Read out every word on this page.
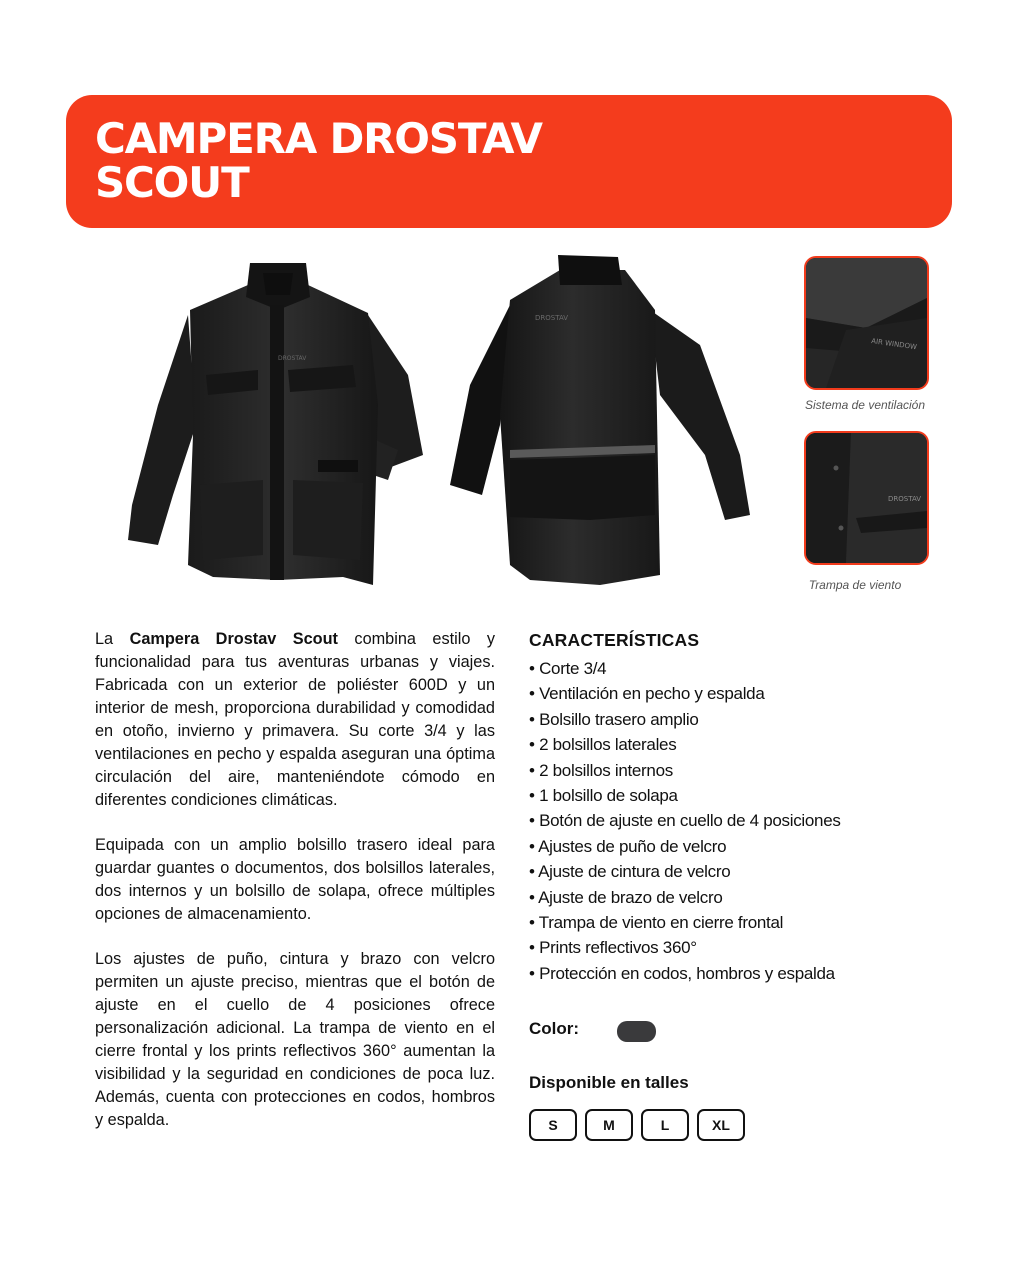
CAMPERA DROSTAV
SCOUT
DROSTAV
DROSTAV
AIR WINDOW
Sistema de ventilación
DROSTAV
Trampa de viento

La Campera Drostav Scout combina estilo y funcionalidad para tus aventuras urbanas y viajes. Fabricada con un exterior de poliéster 600D y un interior de mesh, proporciona durabilidad y comodidad en otoño, invierno y primavera. Su corte 3/4 y las ventilaciones en pecho y espalda aseguran una óptima circulación del aire, manteniéndote cómodo en diferentes condiciones climáticas.

Equipada con un amplio bolsillo trasero ideal para guardar guantes o documentos, dos bolsillos laterales, dos internos y un bolsillo de solapa, ofrece múltiples opciones de almacenamiento.

Los ajustes de puño, cintura y brazo con velcro permiten un ajuste preciso, mientras que el botón de ajuste en el cuello de 4 posiciones ofrece personalización adicional. La trampa de viento en el cierre frontal y los prints reflectivos 360° aumentan la visibilidad y la seguridad en condiciones de poca luz. Además, cuenta con protecciones en codos, hombros y espalda.

CARACTERÍSTICAS
• Corte 3/4
• Ventilación en pecho y espalda
• Bolsillo trasero amplio
• 2 bolsillos laterales
• 2 bolsillos internos
• 1 bolsillo de solapa
• Botón de ajuste en cuello de 4 posiciones
• Ajustes de puño de velcro
• Ajuste de cintura de velcro
• Ajuste de brazo de velcro
• Trampa de viento en cierre frontal
• Prints reflectivos 360°
• Protección en codos, hombros y espalda
Color:
Disponible en talles
S	M	L	XL
